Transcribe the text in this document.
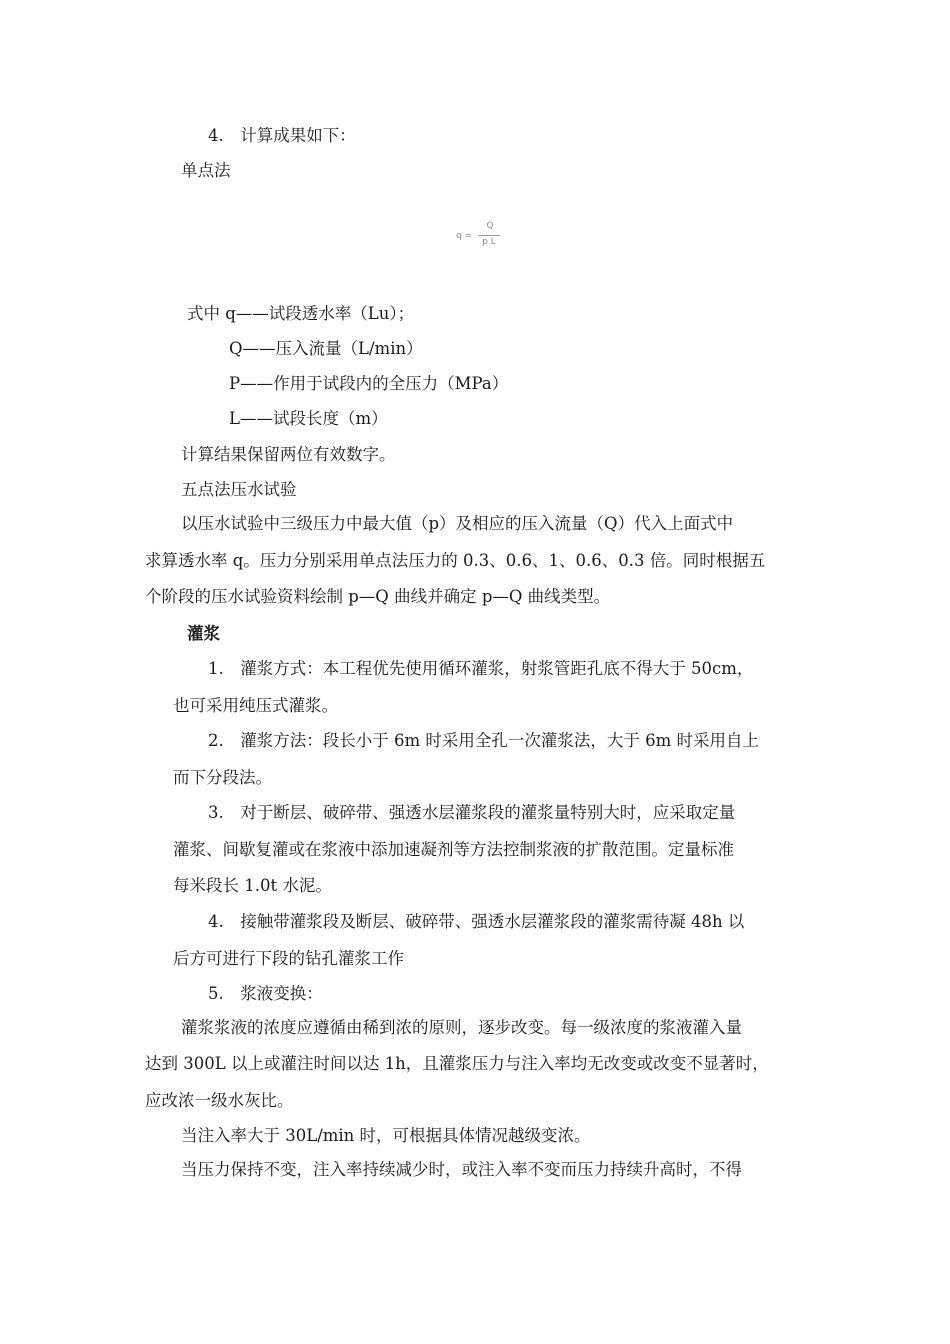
4.　计算成果如下：
单点法
q =
Q
p L
式中 q——试段透水率（Lu）；
Q——压入流量（L/min）
P——作用于试段内的全压力（MPa）
L——试段长度（m）
计算结果保留两位有效数字。
五点法压水试验
以压水试验中三级压力中最大值（p）及相应的压入流量（Q）代入上面式中
求算透水率 q。压力分别采用单点法压力的 0.3、0.6、1、0.6、0.3 倍。同时根据五
个阶段的压水试验资料绘制 p—Q 曲线并确定 p—Q 曲线类型。
灌浆
1.　灌浆方式：本工程优先使用循环灌浆，射浆管距孔底不得大于 50cm，
也可采用纯压式灌浆。
2.　灌浆方法：段长小于 6m 时采用全孔一次灌浆法，大于 6m 时采用自上
而下分段法。
3.　对于断层、破碎带、强透水层灌浆段的灌浆量特别大时，应采取定量
灌浆、间歇复灌或在浆液中添加速凝剂等方法控制浆液的扩散范围。定量标准
每米段长 1.0t 水泥。
4.　接触带灌浆段及断层、破碎带、强透水层灌浆段的灌浆需待凝 48h 以
后方可进行下段的钻孔灌浆工作
5.　浆液变换：
灌浆浆液的浓度应遵循由稀到浓的原则，逐步改变。每一级浓度的浆液灌入量
达到 300L 以上或灌注时间以达 1h，且灌浆压力与注入率均无改变或改变不显著时，
应改浓一级水灰比。
当注入率大于 30L/min 时，可根据具体情况越级变浓。
当压力保持不变，注入率持续减少时，或注入率不变而压力持续升高时，不得
